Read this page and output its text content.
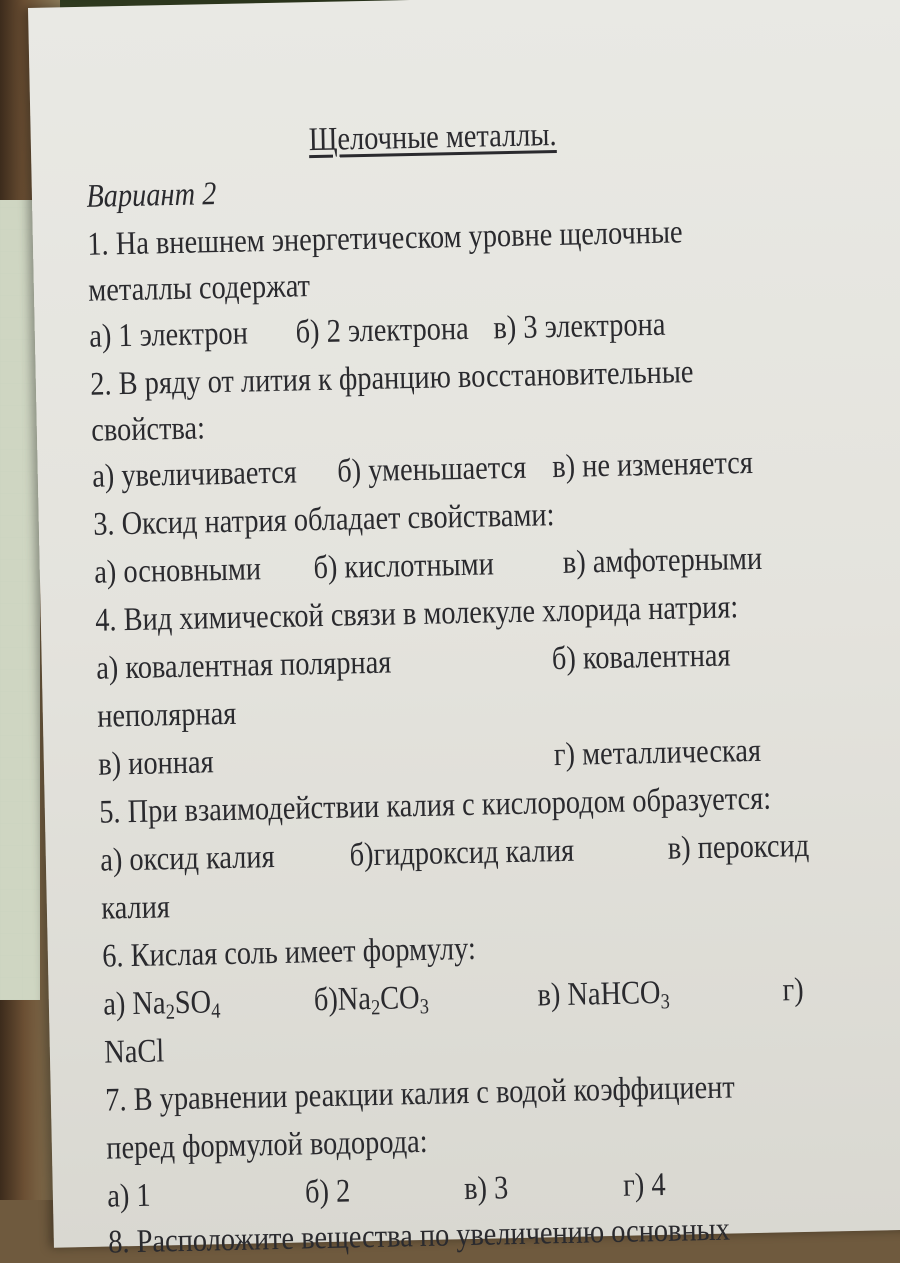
Щелочные металлы.
Вариант 2
1. На внешнем энергетическом уровне щелочные
металлы содержат
а) 1 электрон б) 2 электрона в) 3 электрона
2. В ряду от лития к францию восстановительные
свойства:
а) увеличивается б) уменьшается в) не изменяется
3. Оксид натрия обладает свойствами:
а) основными б) кислотными в) амфотерными
4. Вид химической связи в молекуле хлорида натрия:
а) ковалентная полярная	б) ковалентная
неполярная
в) ионная	г) металлическая
5. При взаимодействии калия с кислородом образуется:
а) оксид калия б)гидроксид калия	в) пероксид
калия
6. Кислая соль имеет формулу:
а) $Na_2SO_4$	$б)Na_2CO_3$	в) NaHCO$_3$	г)
NaCl
7. В уравнении реакции калия с водой коэффициент
перед формулой водорода:
а) 1	б) 2	в) 3	г) 4
8. Расположите вещества по увеличению основных
